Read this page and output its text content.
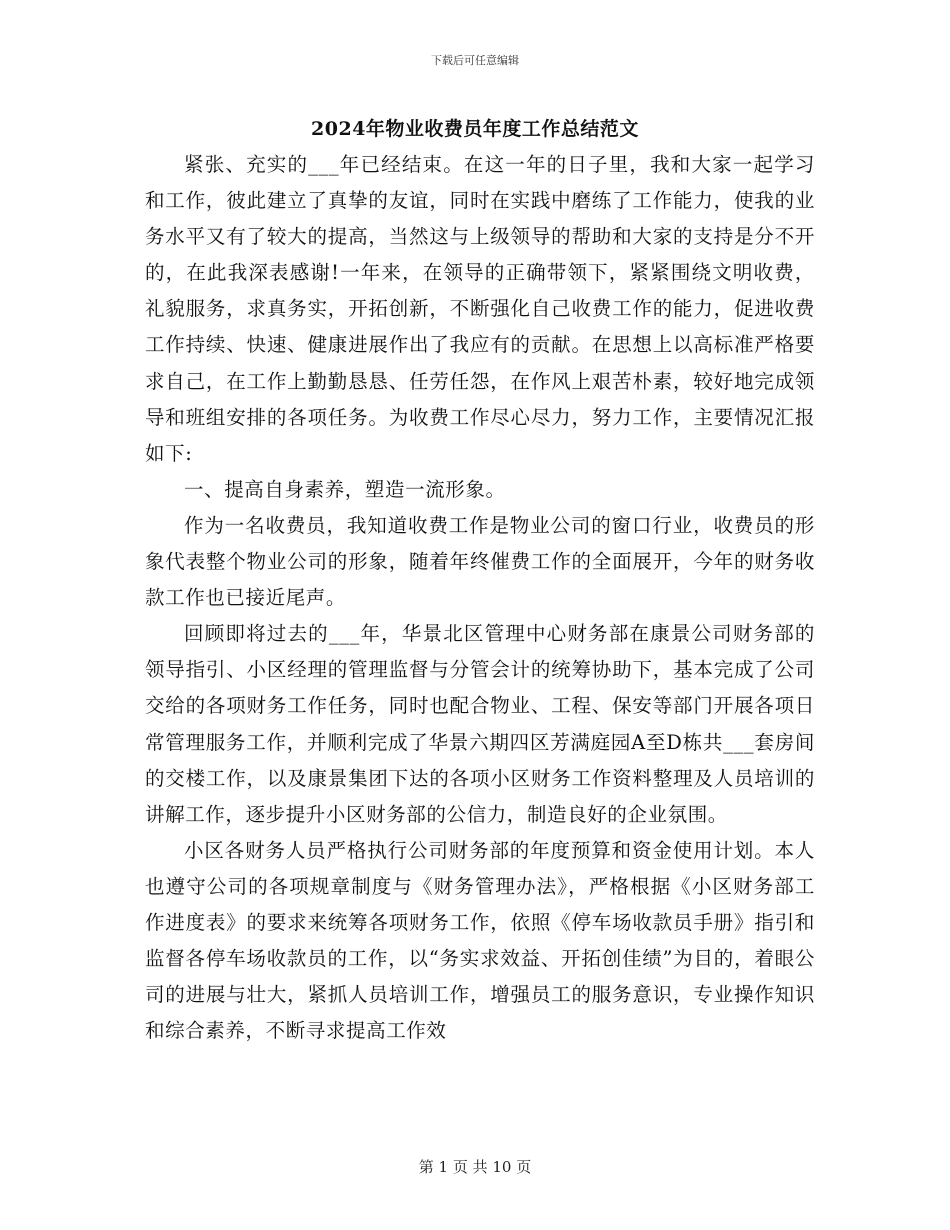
下载后可任意编辑
2024年物业收费员年度工作总结范文

紧张、充实的___年已经结束。在这一年的日子里，我和大家一起学习和工作，彼此建立了真挚的友谊，同时在实践中磨练了工作能力，使我的业务水平又有了较大的提高，当然这与上级领导的帮助和大家的支持是分不开的，在此我深表感谢!一年来，在领导的正确带领下，紧紧围绕文明收费，礼貌服务，求真务实，开拓创新，不断强化自己收费工作的能力，促进收费工作持续、快速、健康进展作出了我应有的贡献。在思想上以高标准严格要求自己，在工作上勤勤恳恳、任劳任怨，在作风上艰苦朴素，较好地完成领导和班组安排的各项任务。为收费工作尽心尽力，努力工作，主要情况汇报如下:

一、提高自身素养，塑造一流形象。

作为一名收费员，我知道收费工作是物业公司的窗口行业，收费员的形象代表整个物业公司的形象，随着年终催费工作的全面展开，今年的财务收款工作也已接近尾声。

回顾即将过去的___年，华景北区管理中心财务部在康景公司财务部的领导指引、小区经理的管理监督与分管会计的统筹协助下，基本完成了公司交给的各项财务工作任务，同时也配合物业、工程、保安等部门开展各项日常管理服务工作，并顺利完成了华景六期四区芳满庭园A至D栋共___套房间的交楼工作，以及康景集团下达的各项小区财务工作资料整理及人员培训的讲解工作，逐步提升小区财务部的公信力，制造良好的企业氛围。

小区各财务人员严格执行公司财务部的年度预算和资金使用计划。本人也遵守公司的各项规章制度与《财务管理办法》，严格根据《小区财务部工作进度表》的要求来统筹各项财务工作，依照《停车场收款员手册》指引和监督各停车场收款员的工作，以“务实求效益、开拓创佳绩”为目的，着眼公司的进展与壮大，紧抓人员培训工作，增强员工的服务意识，专业操作知识和综合素养，不断寻求提高工作效

第 1 页 共 10 页
